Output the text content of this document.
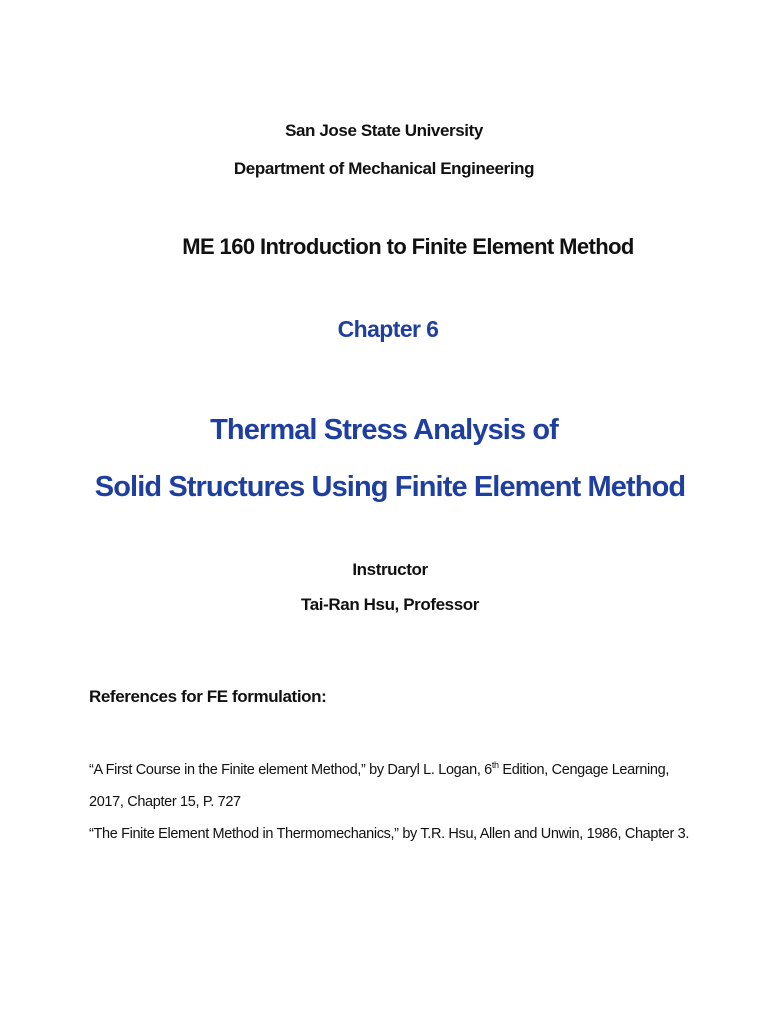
San Jose State University
Department of Mechanical Engineering
ME 160 Introduction to Finite Element Method
Chapter 6
Thermal Stress Analysis of
Solid Structures Using Finite Element Method
Instructor
Tai-Ran Hsu, Professor
References for FE formulation:
“A First Course in the Finite element Method,” by Daryl L. Logan, 6th Edition, Cengage Learning,
2017, Chapter 15, P. 727
“The Finite Element Method in Thermomechanics,” by T.R. Hsu, Allen and Unwin, 1986, Chapter 3.
